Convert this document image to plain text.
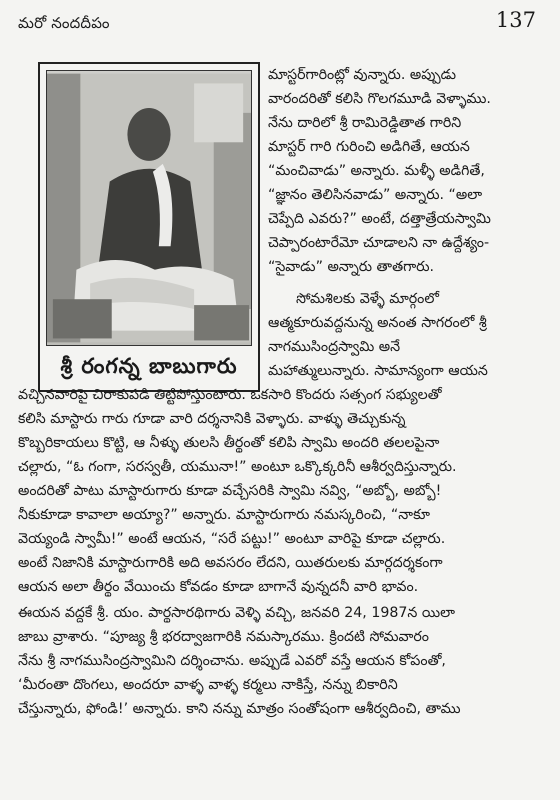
మరో నందదీపం	137
శ్రీ రంగన్న బాబుగారు
మాస్టర్‌గారింట్లో వున్నారు. అప్పుడు
వారందరితో కలిసి గొలగమూడి వెళ్ళాము.
నేను దారిలో శ్రీ రామిరెడ్డితాత గారిని
మాస్టర్ గారి గురించి అడిగితే, ఆయన
“మంచివాడు” అన్నారు. మళ్ళీ అడిగితే,
“జ్ఞానం తెలిసినవాడు” అన్నారు. “అలా
చెప్పేది ఎవరు?” అంటే, దత్తాత్రేయస్వామి
చెప్పారంటారేమో చూడాలని నా ఉద్దేశ్యం-
“సైవాడు” అన్నారు తాతగారు.
సోమశిలకు వెళ్ళే మార్గంలో
ఆత్మకూరువద్దనున్న అనంత సాగరంలో శ్రీ
నాగముసింద్రస్వామి అనే
మహాత్ములున్నారు. సామాన్యంగా ఆయన
వచ్చినవారిపై చిరాకుపడి తిట్టిపోస్తుంటారు. ఒకసారి కొందరు సత్సంగ సభ్యులతో
కలిసి మాస్టారు గారు గూడా వారి దర్శనానికి వెళ్ళారు. వాళ్ళు తెచ్చుకున్న
కొబ్బరికాయలు కొట్టి, ఆ నీళ్ళు తులసి తీర్థంతో కలిపి స్వామి అందరి తలలపైనా
చల్లారు, “ఓ గంగా, సరస్వతీ, యమునా!” అంటూ ఒక్కొక్కరినీ ఆశీర్వదిస్తున్నారు.
అందరితో పాటు మాస్టారుగారు కూడా వచ్చేసరికి స్వామి నవ్వి, “అబ్బో, అబ్బో!
నీకుకూడా కావాలా అయ్యా?” అన్నారు. మాస్టారుగారు నమస్కరించి, “నాకూ
వెయ్యండి స్వామీ!” అంటే ఆయన, “సరే పట్టు!” అంటూ వారిపై కూడా చల్లారు.
అంటే నిజానికి మాస్టారుగారికి అది అవసరం లేదని, యితరులకు మార్గదర్శకంగా
ఆయన అలా తీర్థం వేయించు కోవడం కూడా బాగానే వున్నదనీ వారి భావం.
ఈయన వద్దకే శ్రీ. యం. పార్థసారథిగారు వెళ్ళి వచ్చి, జనవరి 24, 1987న యిలా
జాబు వ్రాశారు. “పూజ్య శ్రీ భరద్వాజగారికి నమస్కారము. క్రిందటి సోమవారం
నేను శ్రీ నాగముసింద్రస్వామిని దర్శించాను. అప్పుడే ఎవరో వస్తే ఆయన కోపంతో,
‘మీరంతా దొంగలు, అందరూ వాళ్ళ వాళ్ళ కర్మలు నాకిస్తే, నన్ను బికారిని
చేస్తున్నారు, ఫోండి!’ అన్నారు. కాని నన్ను మాత్రం సంతోషంగా ఆశీర్వదించి, తాము
